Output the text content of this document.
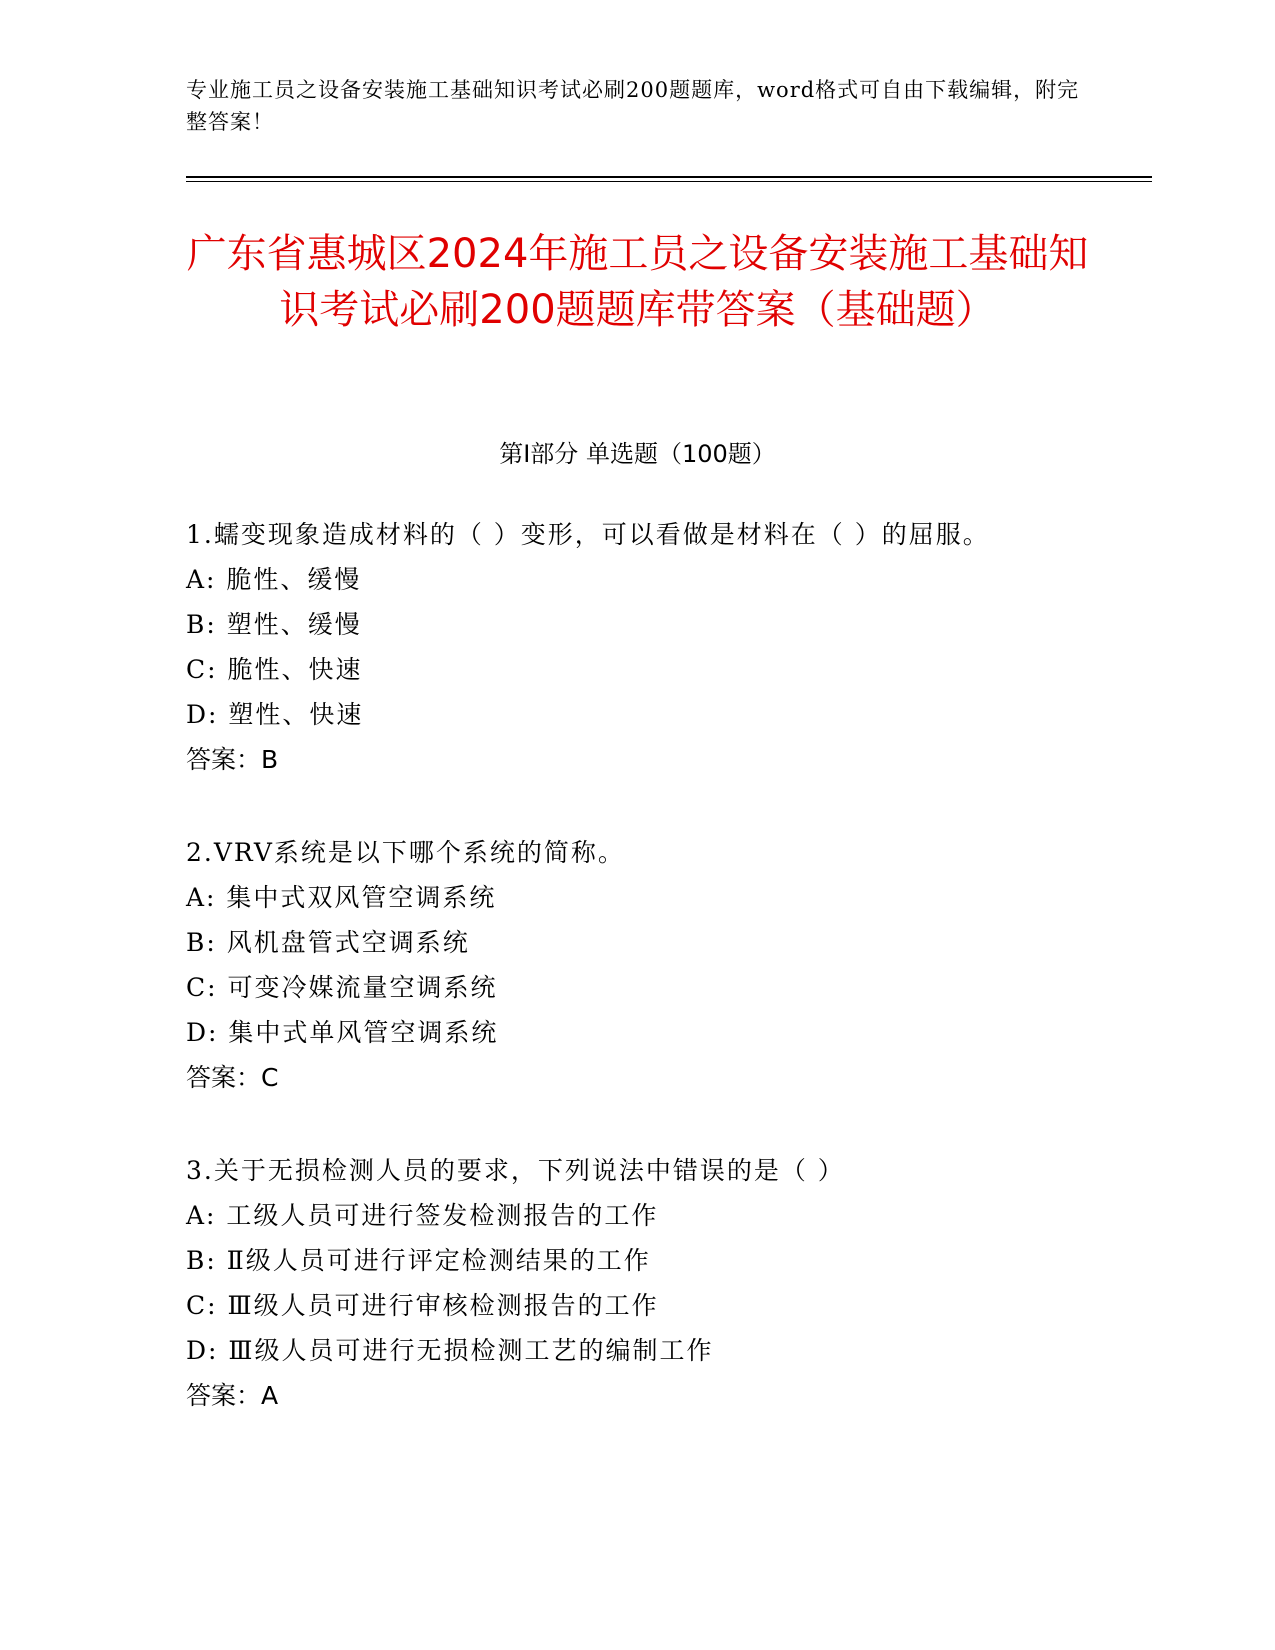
专业施工员之设备安装施工基础知识考试必刷200题题库，word格式可自由下载编辑，附完整答案！
广东省惠城区2024年施工员之设备安装施工基础知识考试必刷200题题库带答案（基础题）
第I部分 单选题（100题）
1.蠕变现象造成材料的（ ）变形，可以看做是材料在（ ）的屈服。
A: 脆性、缓慢
B: 塑性、缓慢
C: 脆性、快速
D: 塑性、快速
答案：B
2.VRV系统是以下哪个系统的简称。
A: 集中式双风管空调系统
B: 风机盘管式空调系统
C: 可变冷媒流量空调系统
D: 集中式单风管空调系统
答案：C
3.关于无损检测人员的要求，下列说法中错误的是（ ）
A: 工级人员可进行签发检测报告的工作
B: Ⅱ级人员可进行评定检测结果的工作
C: Ⅲ级人员可进行审核检测报告的工作
D: Ⅲ级人员可进行无损检测工艺的编制工作
答案：A
